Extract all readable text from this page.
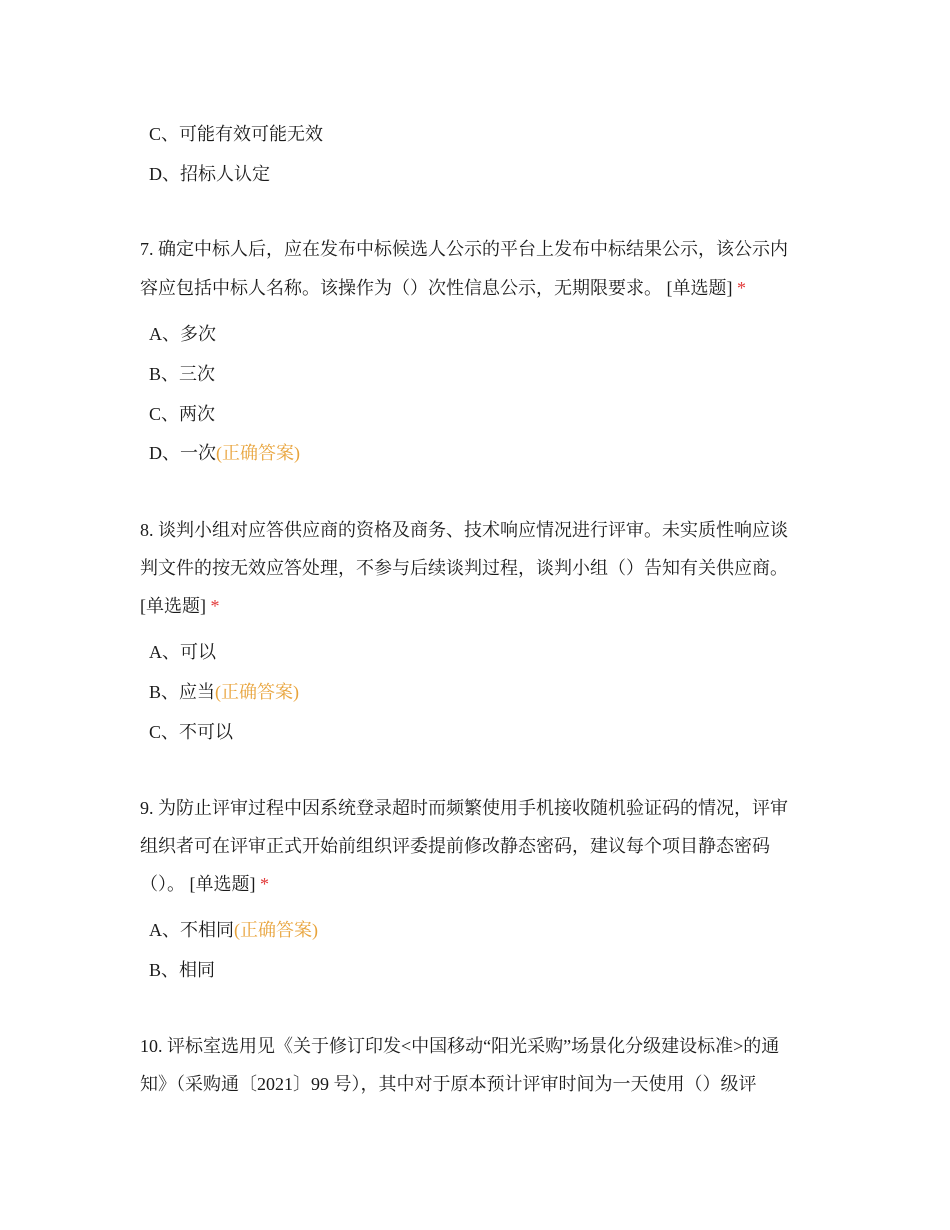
C、可能有效可能无效
D、招标人认定
7. 确定中标人后，应在发布中标候选人公示的平台上发布中标结果公示，该公示内
容应包括中标人名称。该操作为（）次性信息公示，无期限要求。 [单选题] *
A、多次
B、三次
C、两次
D、一次(正确答案)
8. 谈判小组对应答供应商的资格及商务、技术响应情况进行评审。未实质性响应谈
判文件的按无效应答处理，不参与后续谈判过程，谈判小组（）告知有关供应商。
[单选题] *
A、可以
B、应当(正确答案)
C、不可以
9. 为防止评审过程中因系统登录超时而频繁使用手机接收随机验证码的情况，评审
组织者可在评审正式开始前组织评委提前修改静态密码，建议每个项目静态密码
（）。 [单选题] *
A、不相同(正确答案)
B、相同
10. 评标室选用见《关于修订印发<中国移动“阳光采购”场景化分级建设标准>的通
知》（采购通〔2021〕99 号），其中对于原本预计评审时间为一天使用（）级评
